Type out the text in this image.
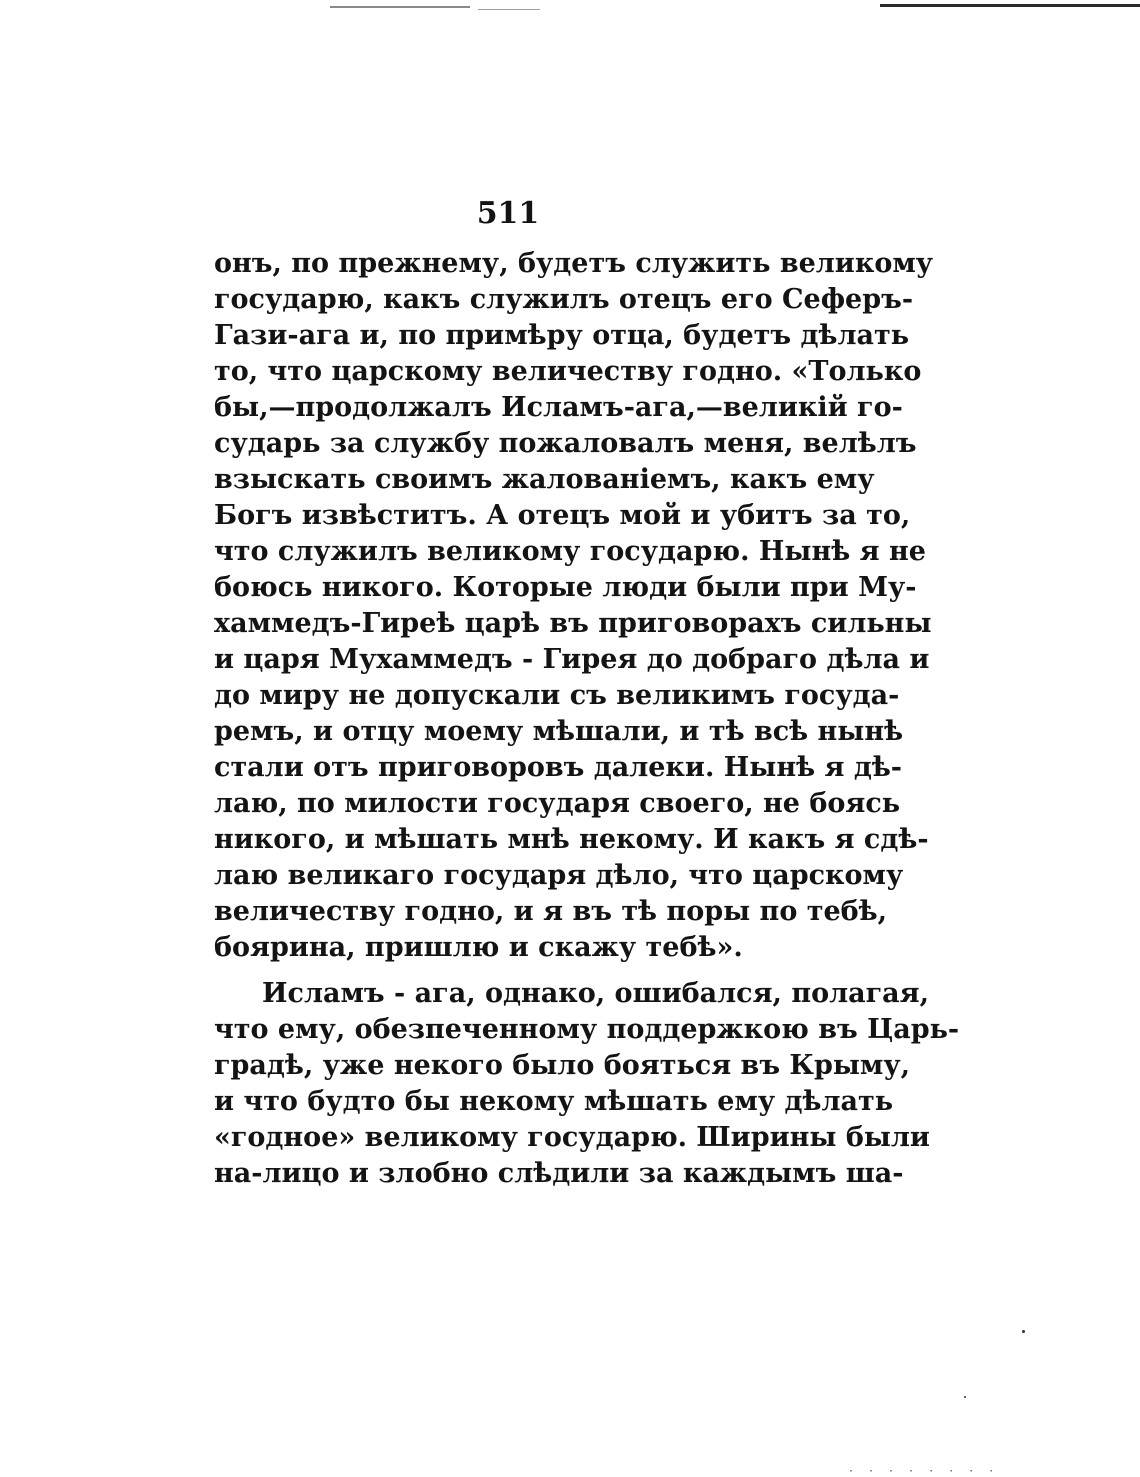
511
онъ, по прежнему, будетъ служить великому
государю, какъ служилъ отецъ его Сеферъ-
Гази-ага и, по примѣру отца, будетъ дѣлать
то, что царскому величеству годно. «Только
бы,—продолжалъ Исламъ-ага,—великій го-
сударь за службу пожаловалъ меня, велѣлъ
взыскать своимъ жалованіемъ, какъ ему
Богъ извѣститъ. А отецъ мой и убитъ за то,
что служилъ великому государю. Нынѣ я не
боюсь никого. Которые люди были при Му-
хаммедъ-Гиреѣ царѣ въ приговорахъ сильны
и царя Мухаммедъ - Гирея до добраго дѣла и
до миру не допускали съ великимъ госуда-
ремъ, и отцу моему мѣшали, и тѣ всѣ нынѣ
стали отъ приговоровъ далеки. Нынѣ я дѣ-
лаю, по милости государя своего, не боясь
никого, и мѣшать мнѣ некому. И какъ я сдѣ-
лаю великаго государя дѣло, что царскому
величеству годно, и я въ тѣ поры по тебѣ,
боярина, пришлю и скажу тебѣ».
Исламъ - ага, однако, ошибался, полагая,
что ему, обезпеченному поддержкою въ Царь-
градѣ, уже некого было бояться въ Крыму,
и что будто бы некому мѣшать ему дѣлать
«годное» великому государю. Ширины были
на-лицо и злобно слѣдили за каждымъ ша-
········
